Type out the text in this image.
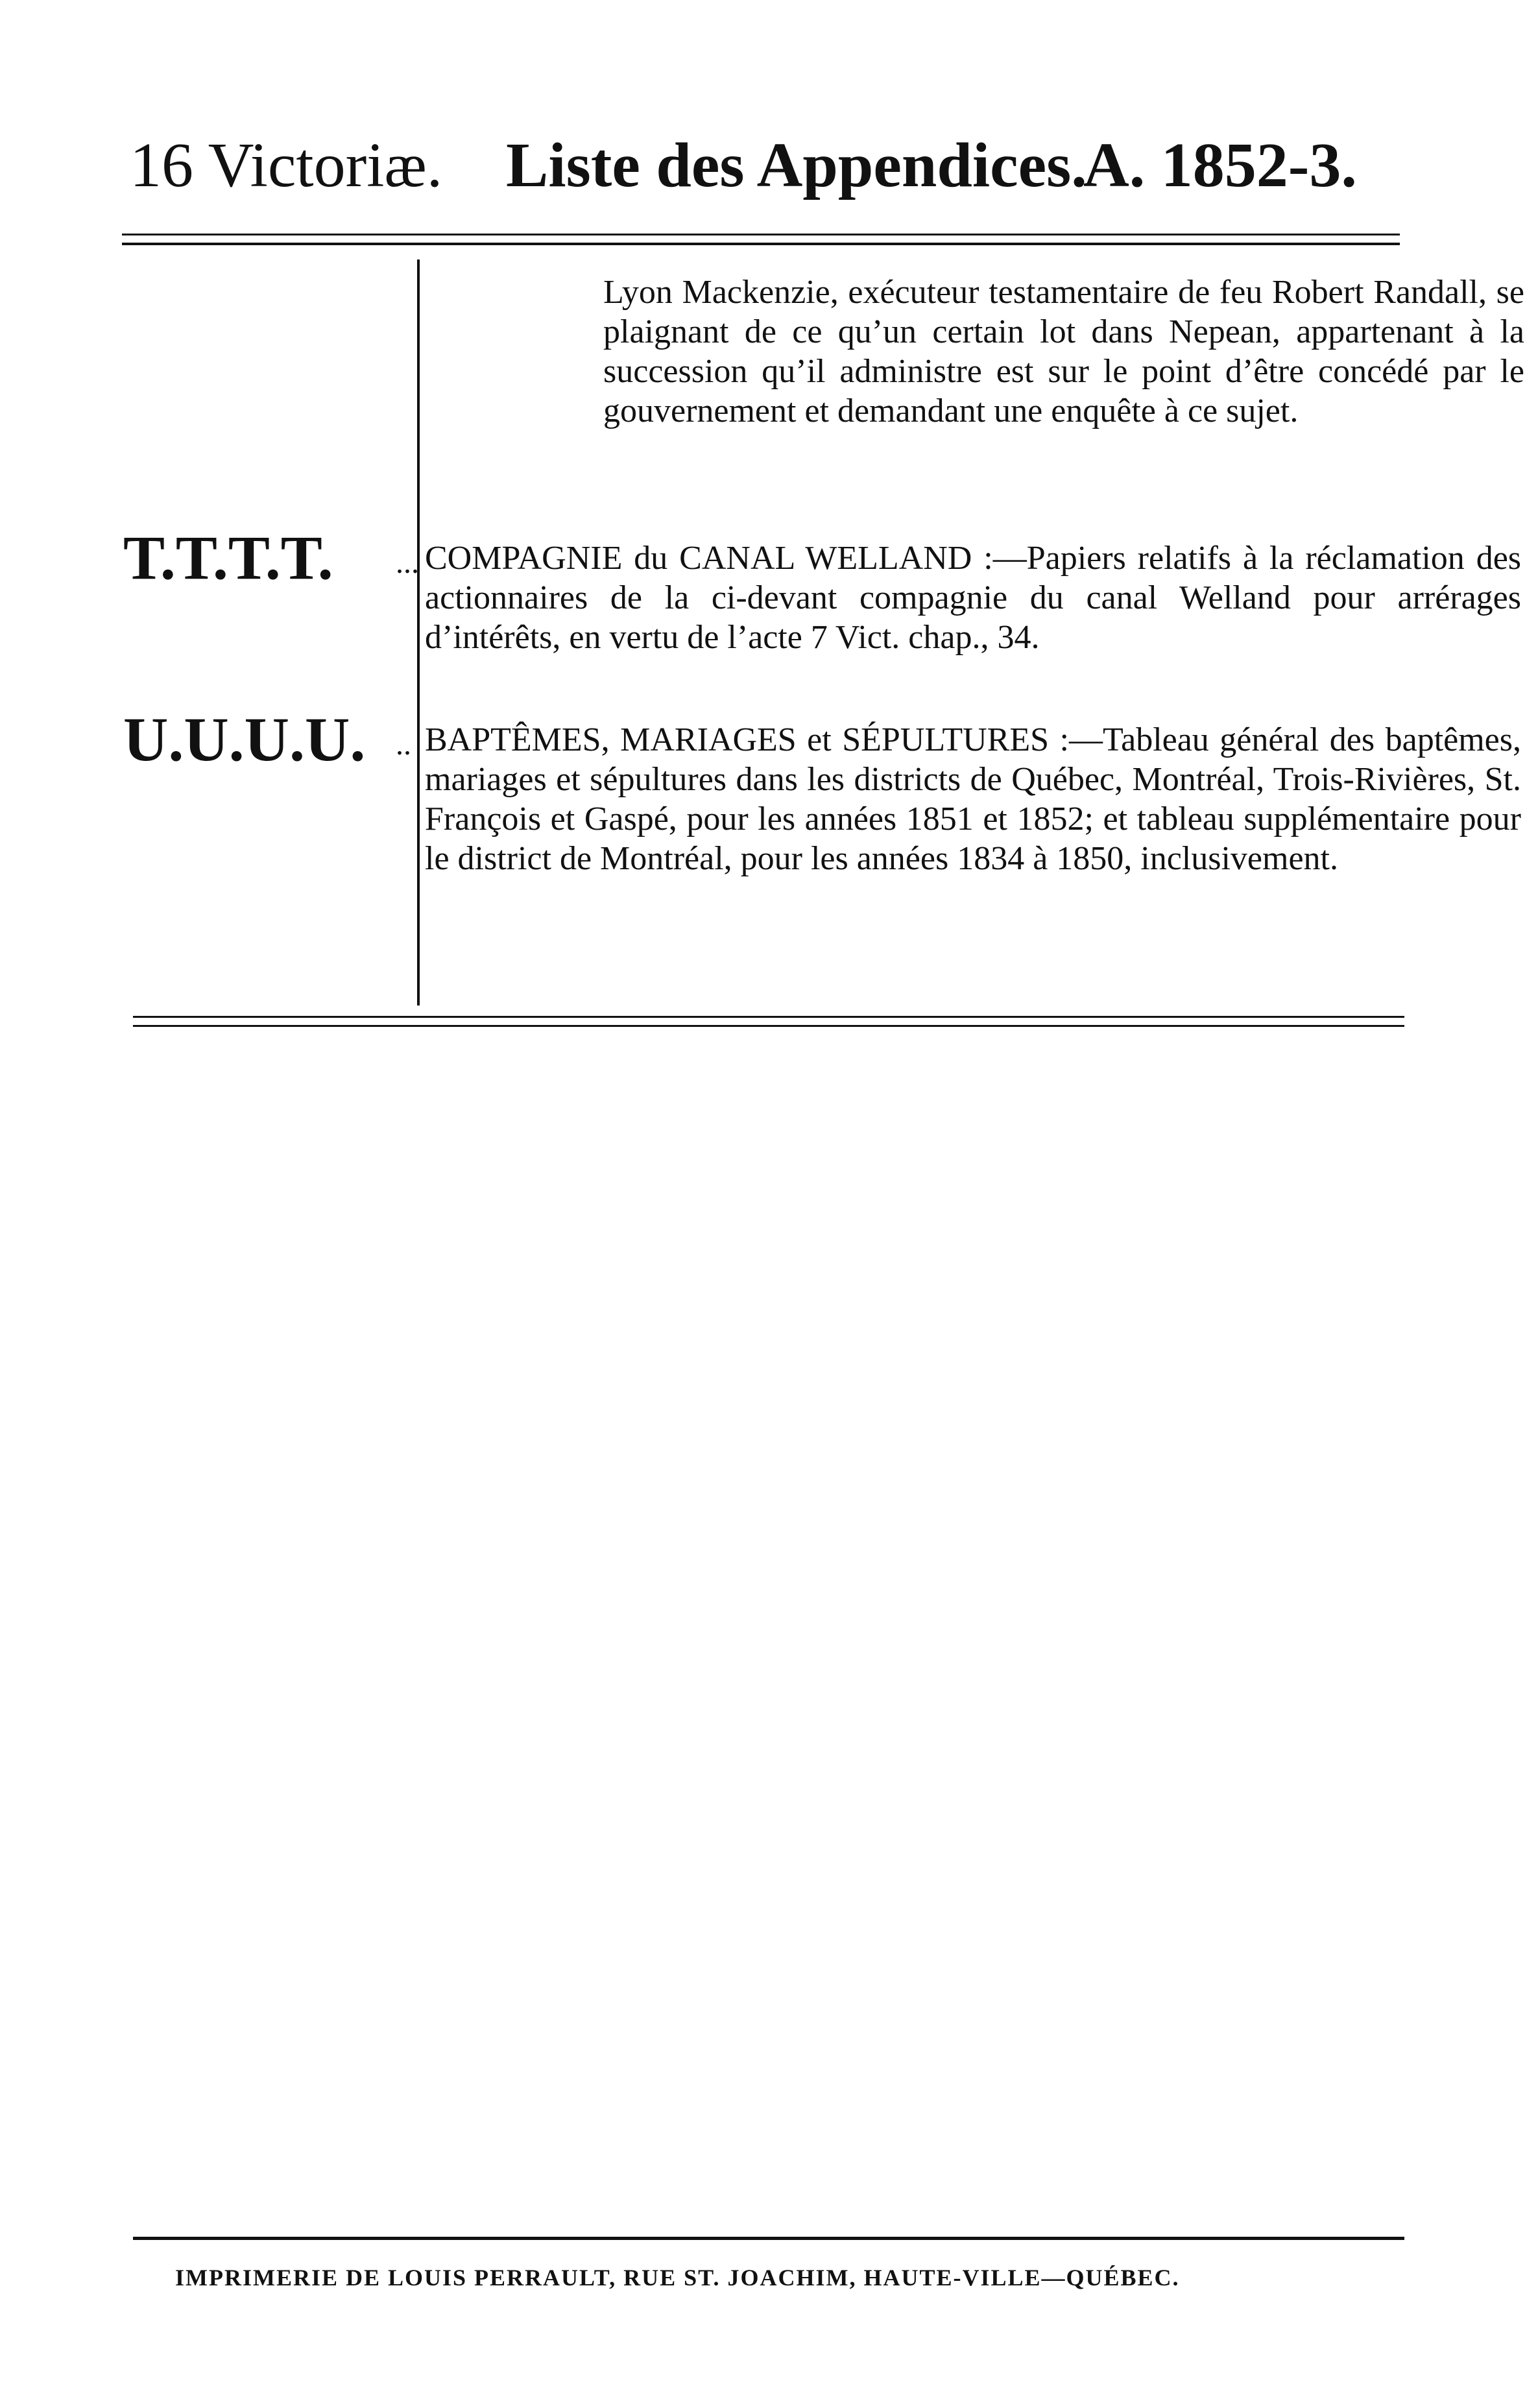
16 Victoriæ. Liste des Appendices.
A. 1852-3.
Lyon Mackenzie, exécuteur testamentaire de feu Robert Randall, se plaignant de ce qu’un certain lot dans Nepean, appartenant à la succession qu’il administre est sur le point d’être concédé par le gouvernement et demandant une enquête à ce sujet.
T.T.T.T.	... COMPAGNIE du CANAL WELLAND :—Papiers relatifs à la réclamation des actionnaires de la ci-devant compagnie du canal Welland pour arrérages d’intérêts, en vertu de l’acte 7 Vict. chap., 34.
U.U.U.U. .. BAPTÊMES, MARIAGES et SÉPULTURES :—Tableau général des baptêmes, mariages et sépultures dans les districts de Québec, Montréal, Trois-Rivières, St. François et Gaspé, pour les années 1851 et 1852; et tableau supplémentaire pour le district de Montréal, pour les années 1834 à 1850, inclusivement.
IMPRIMERIE DE LOUIS PERRAULT, RUE ST. JOACHIM, HAUTE-VILLE—QUÉBEC.
